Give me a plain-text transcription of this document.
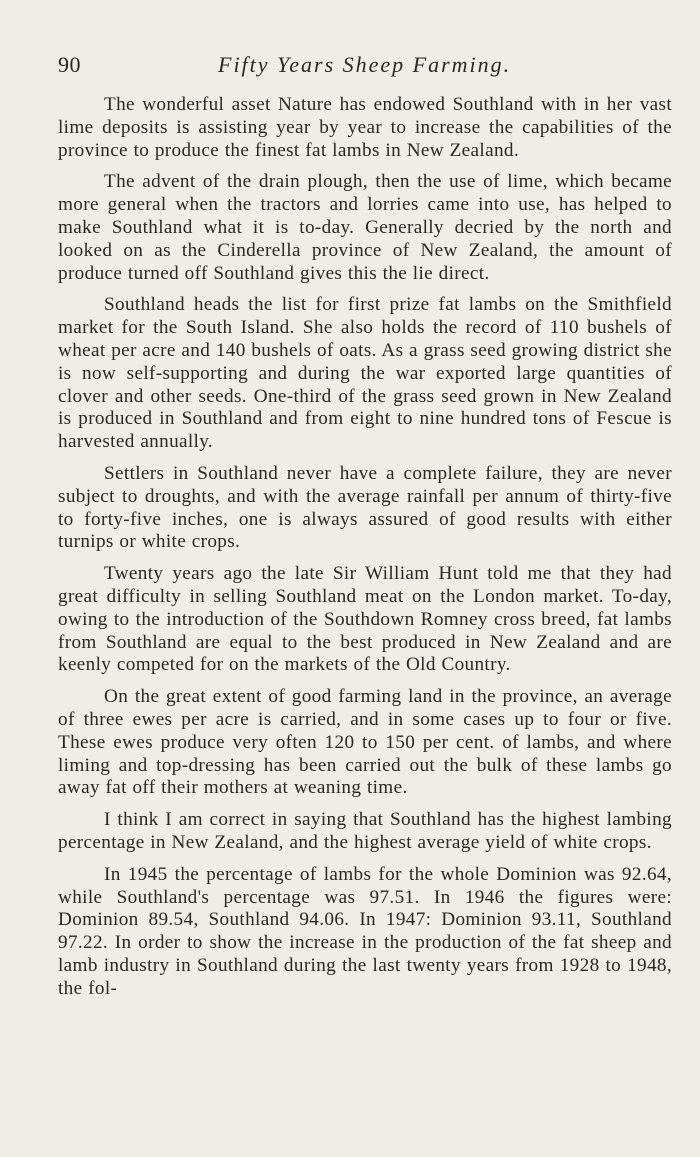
90	Fifty Years Sheep Farming.

The wonderful asset Nature has endowed Southland with in her vast lime deposits is assisting year by year to increase the capabilities of the province to produce the finest fat lambs in New Zealand.

The advent of the drain plough, then the use of lime, which became more general when the tractors and lorries came into use, has helped to make Southland what it is to-day. Generally decried by the north and looked on as the Cinderella province of New Zealand, the amount of produce turned off Southland gives this the lie direct.

Southland heads the list for first prize fat lambs on the Smithfield market for the South Island. She also holds the record of 110 bushels of wheat per acre and 140 bushels of oats. As a grass seed growing district she is now self-supporting and during the war exported large quantities of clover and other seeds. One-third of the grass seed grown in New Zealand is produced in Southland and from eight to nine hundred tons of Fescue is harvested annually.

Settlers in Southland never have a complete failure, they are never subject to droughts, and with the average rainfall per annum of thirty-five to forty-five inches, one is always assured of good results with either turnips or white crops.

Twenty years ago the late Sir William Hunt told me that they had great difficulty in selling Southland meat on the London market. To-day, owing to the introduction of the Southdown Romney cross breed, fat lambs from Southland are equal to the best produced in New Zealand and are keenly competed for on the markets of the Old Country.

On the great extent of good farming land in the province, an average of three ewes per acre is carried, and in some cases up to four or five. These ewes produce very often 120 to 150 per cent. of lambs, and where liming and top-dressing has been carried out the bulk of these lambs go away fat off their mothers at weaning time.

I think I am correct in saying that Southland has the highest lambing percentage in New Zealand, and the highest average yield of white crops.

In 1945 the percentage of lambs for the whole Dominion was 92.64, while Southland's percentage was 97.51. In 1946 the figures were: Dominion 89.54, Southland 94.06. In 1947: Dominion 93.11, Southland 97.22. In order to show the increase in the production of the fat sheep and lamb industry in Southland during the last twenty years from 1928 to 1948, the fol-
